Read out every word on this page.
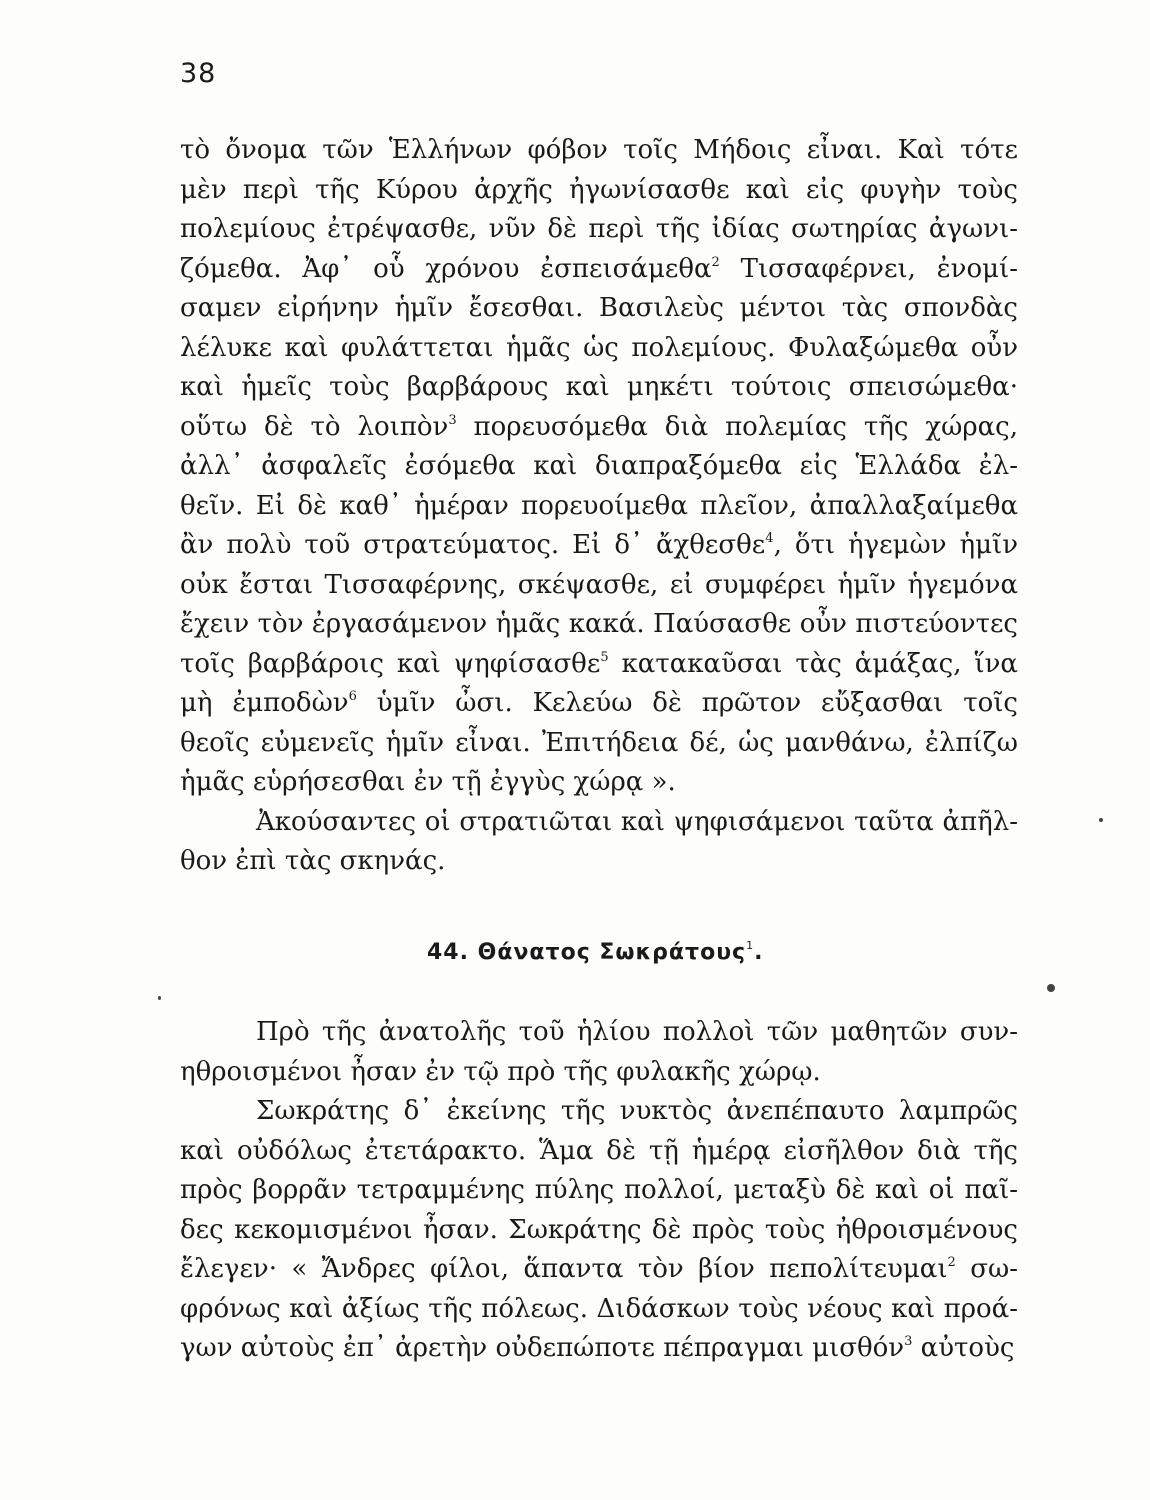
38
τὸ ὄνομα τῶν Ἑλλήνων φόβον τοῖς Μήδοις εἶναι. Καὶ τότε
μὲν περὶ τῆς Κύρου ἀρχῆς ἠγωνίσασθε καὶ εἰς φυγὴν τοὺς
πολεμίους ἐτρέψασθε, νῦν δὲ περὶ τῆς ἰδίας σωτηρίας ἀγωνι-
ζόμεθα. Ἀφ᾽ οὗ χρόνου ἐσπεισάμεθα$^2$ Τισσαφέρνει, ἐνομί-
σαμεν εἰρήνην ἡμῖν ἔσεσθαι. Βασιλεὺς μέντοι τὰς σπονδὰς
λέλυκε καὶ φυλάττεται ἡμᾶς ὡς πολεμίους. Φυλαξώμεθα οὖν
καὶ ἡμεῖς τοὺς βαρβάρους καὶ μηκέτι τούτοις σπεισώμεθα·
οὕτω δὲ τὸ λοιπὸν$^3$ πορευσόμεθα διὰ πολεμίας τῆς χώρας,
ἀλλ᾽ ἀσφαλεῖς ἐσόμεθα καὶ διαπραξόμεθα εἰς Ἑλλάδα ἐλ-
θεῖν. Εἰ δὲ καθ᾽ ἡμέραν πορευοίμεθα πλεῖον, ἀπαλλαξαίμεθα
ἂν πολὺ τοῦ στρατεύματος. Εἰ δ᾽ ἄχθεσθε$^4$, ὅτι ἡγεμὼν ἡμῖν
οὐκ ἔσται Τισσαφέρνης, σκέψασθε, εἰ συμφέρει ἡμῖν ἡγεμόνα
ἔχειν τὸν ἐργασάμενον ἡμᾶς κακά. Παύσασθε οὖν πιστεύοντες
τοῖς βαρβάροις καὶ ψηφίσασθε$^5$ κατακαῦσαι τὰς ἁμάξας, ἵνα
μὴ ἐμποδὼν$^6$ ὑμῖν ὦσι. Κελεύω δὲ πρῶτον εὔξασθαι τοῖς
θεοῖς εὐμενεῖς ἡμῖν εἶναι. Ἐπιτήδεια δέ, ὡς μανθάνω, ἐλπίζω
ἡμᾶς εὑρήσεσθαι ἐν τῇ ἐγγὺς χώρᾳ ».
Ἀκούσαντες οἱ στρατιῶται καὶ ψηφισάμενοι ταῦτα ἀπῆλ-
θον ἐπὶ τὰς σκηνάς.
44. Θάνατος Σωκράτους$^1$.
Πρὸ τῆς ἀνατολῆς τοῦ ἡλίου πολλοὶ τῶν μαθητῶν συν-
ηθροισμένοι ἦσαν ἐν τῷ πρὸ τῆς φυλακῆς χώρῳ.
Σωκράτης δ᾽ ἐκείνης τῆς νυκτὸς ἀνεπέπαυτο λαμπρῶς
καὶ οὐδόλως ἐτετάρακτο. Ἅμα δὲ τῇ ἡμέρᾳ εἰσῆλθον διὰ τῆς
πρὸς βορρᾶν τετραμμένης πύλης πολλοί, μεταξὺ δὲ καὶ οἱ παῖ-
δες κεκομισμένοι ἦσαν. Σωκράτης δὲ πρὸς τοὺς ἠθροισμένους
ἔλεγεν· « Ἄνδρες φίλοι, ἅπαντα τὸν βίον πεπολίτευμαι$^2$ σω-
φρόνως καὶ ἀξίως τῆς πόλεως. Διδάσκων τοὺς νέους καὶ προά-
γων αὐτοὺς ἐπ᾽ ἀρετὴν οὐδεπώποτε πέπραγμαι μισθόν$^3$ αὐτοὺς
